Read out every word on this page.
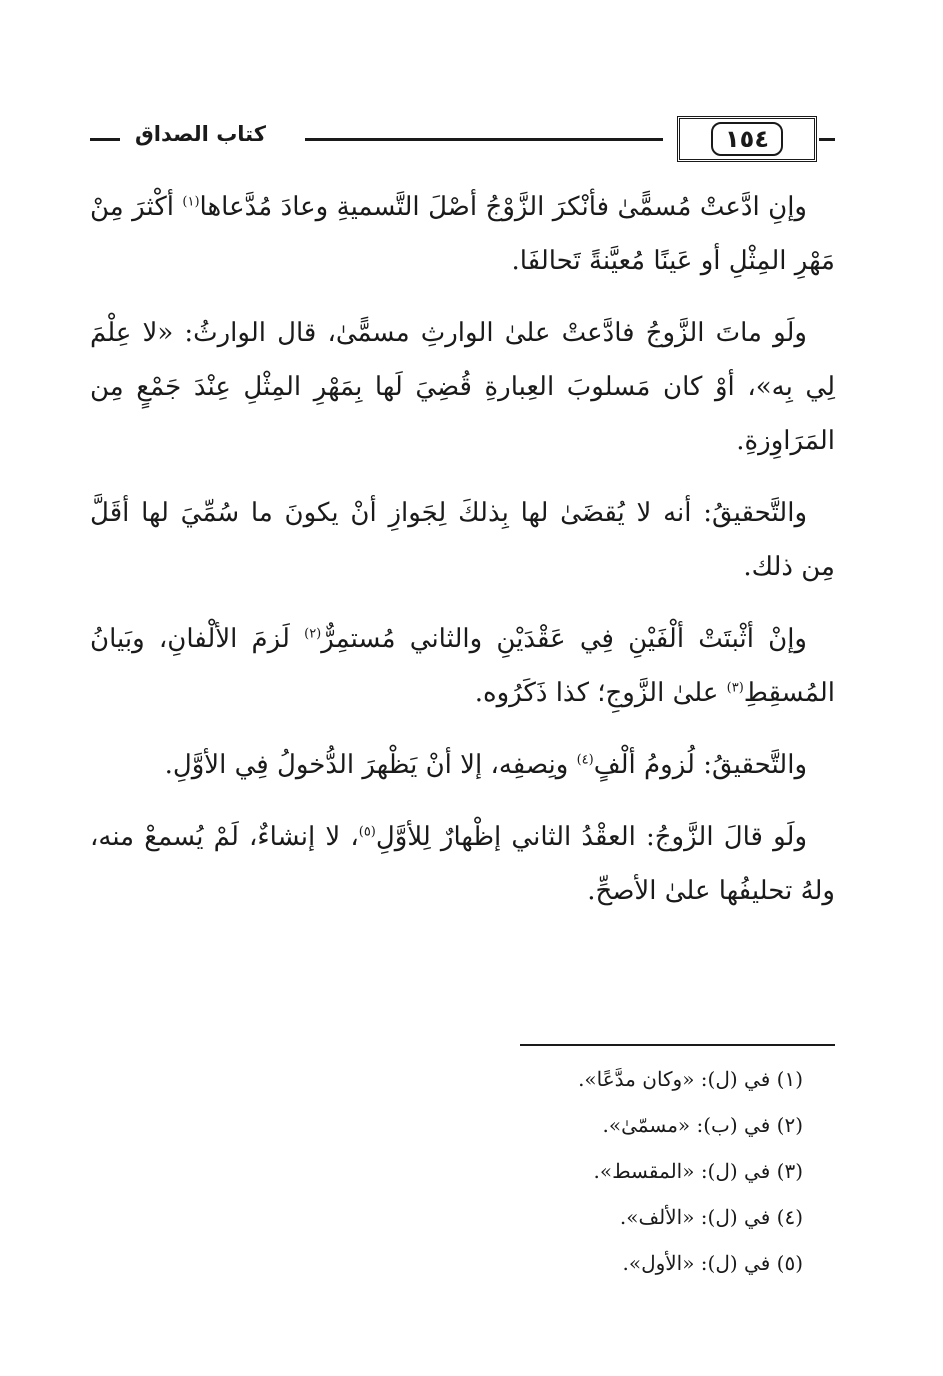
١٥٤
كتاب الصداق

وإنِ ادَّعتْ مُسمًّىٰ فأنْكرَ الزَّوْجُ أصْلَ التَّسميةِ وعادَ مُدَّعاها$^{(١)}$ أكْثرَ مِنْ مَهْرِ المِثْلِ أو عَينًا مُعيَّنةً تَحالفَا.

ولَو ماتَ الزَّوجُ فادَّعتْ علىٰ الوارثِ مسمًّىٰ، قال الوارثُ: «لا عِلْمَ لِي بِه»، أوْ كان مَسلوبَ العِبارةِ قُضِيَ لَها بِمَهْرِ المِثْلِ عِنْدَ جَمْعٍ مِن المَرَاوِزةِ.

والتَّحقيقُ: أنه لا يُقضَىٰ لها بِذلكَ لِجَوازِ أنْ يكونَ ما سُمِّيَ لها أقَلَّ مِن ذلك.

وإنْ أثْبتَتْ ألْفَيْنِ فِي عَقْدَيْنِ والثاني مُستمِرٌّ$^{(٢)}$ لَزمَ الألْفانِ، وبَيانُ المُسقِطِ$^{(٣)}$ علىٰ الزَّوجِ؛ كذا ذَكَرُوه.

والتَّحقيقُ: لُزومُ ألْفٍ$^{(٤)}$ ونِصفِه، إلا أنْ يَظْهرَ الدُّخولُ فِي الأوَّلِ.

ولَو قالَ الزَّوجُ: العقْدُ الثاني إظْهارٌ لِلأوَّلِ$^{(٥)}$، لا إنشاءٌ، لَمْ يُسمعْ منه، ولهُ تحليفُها علىٰ الأصحِّ.

(١) في (ل): «وكان مدَّعًا».

(٢) في (ب): «مسمّىٰ».

(٣) في (ل): «المقسط».

(٤) في (ل): «الألف».

(٥) في (ل): «الأول».
